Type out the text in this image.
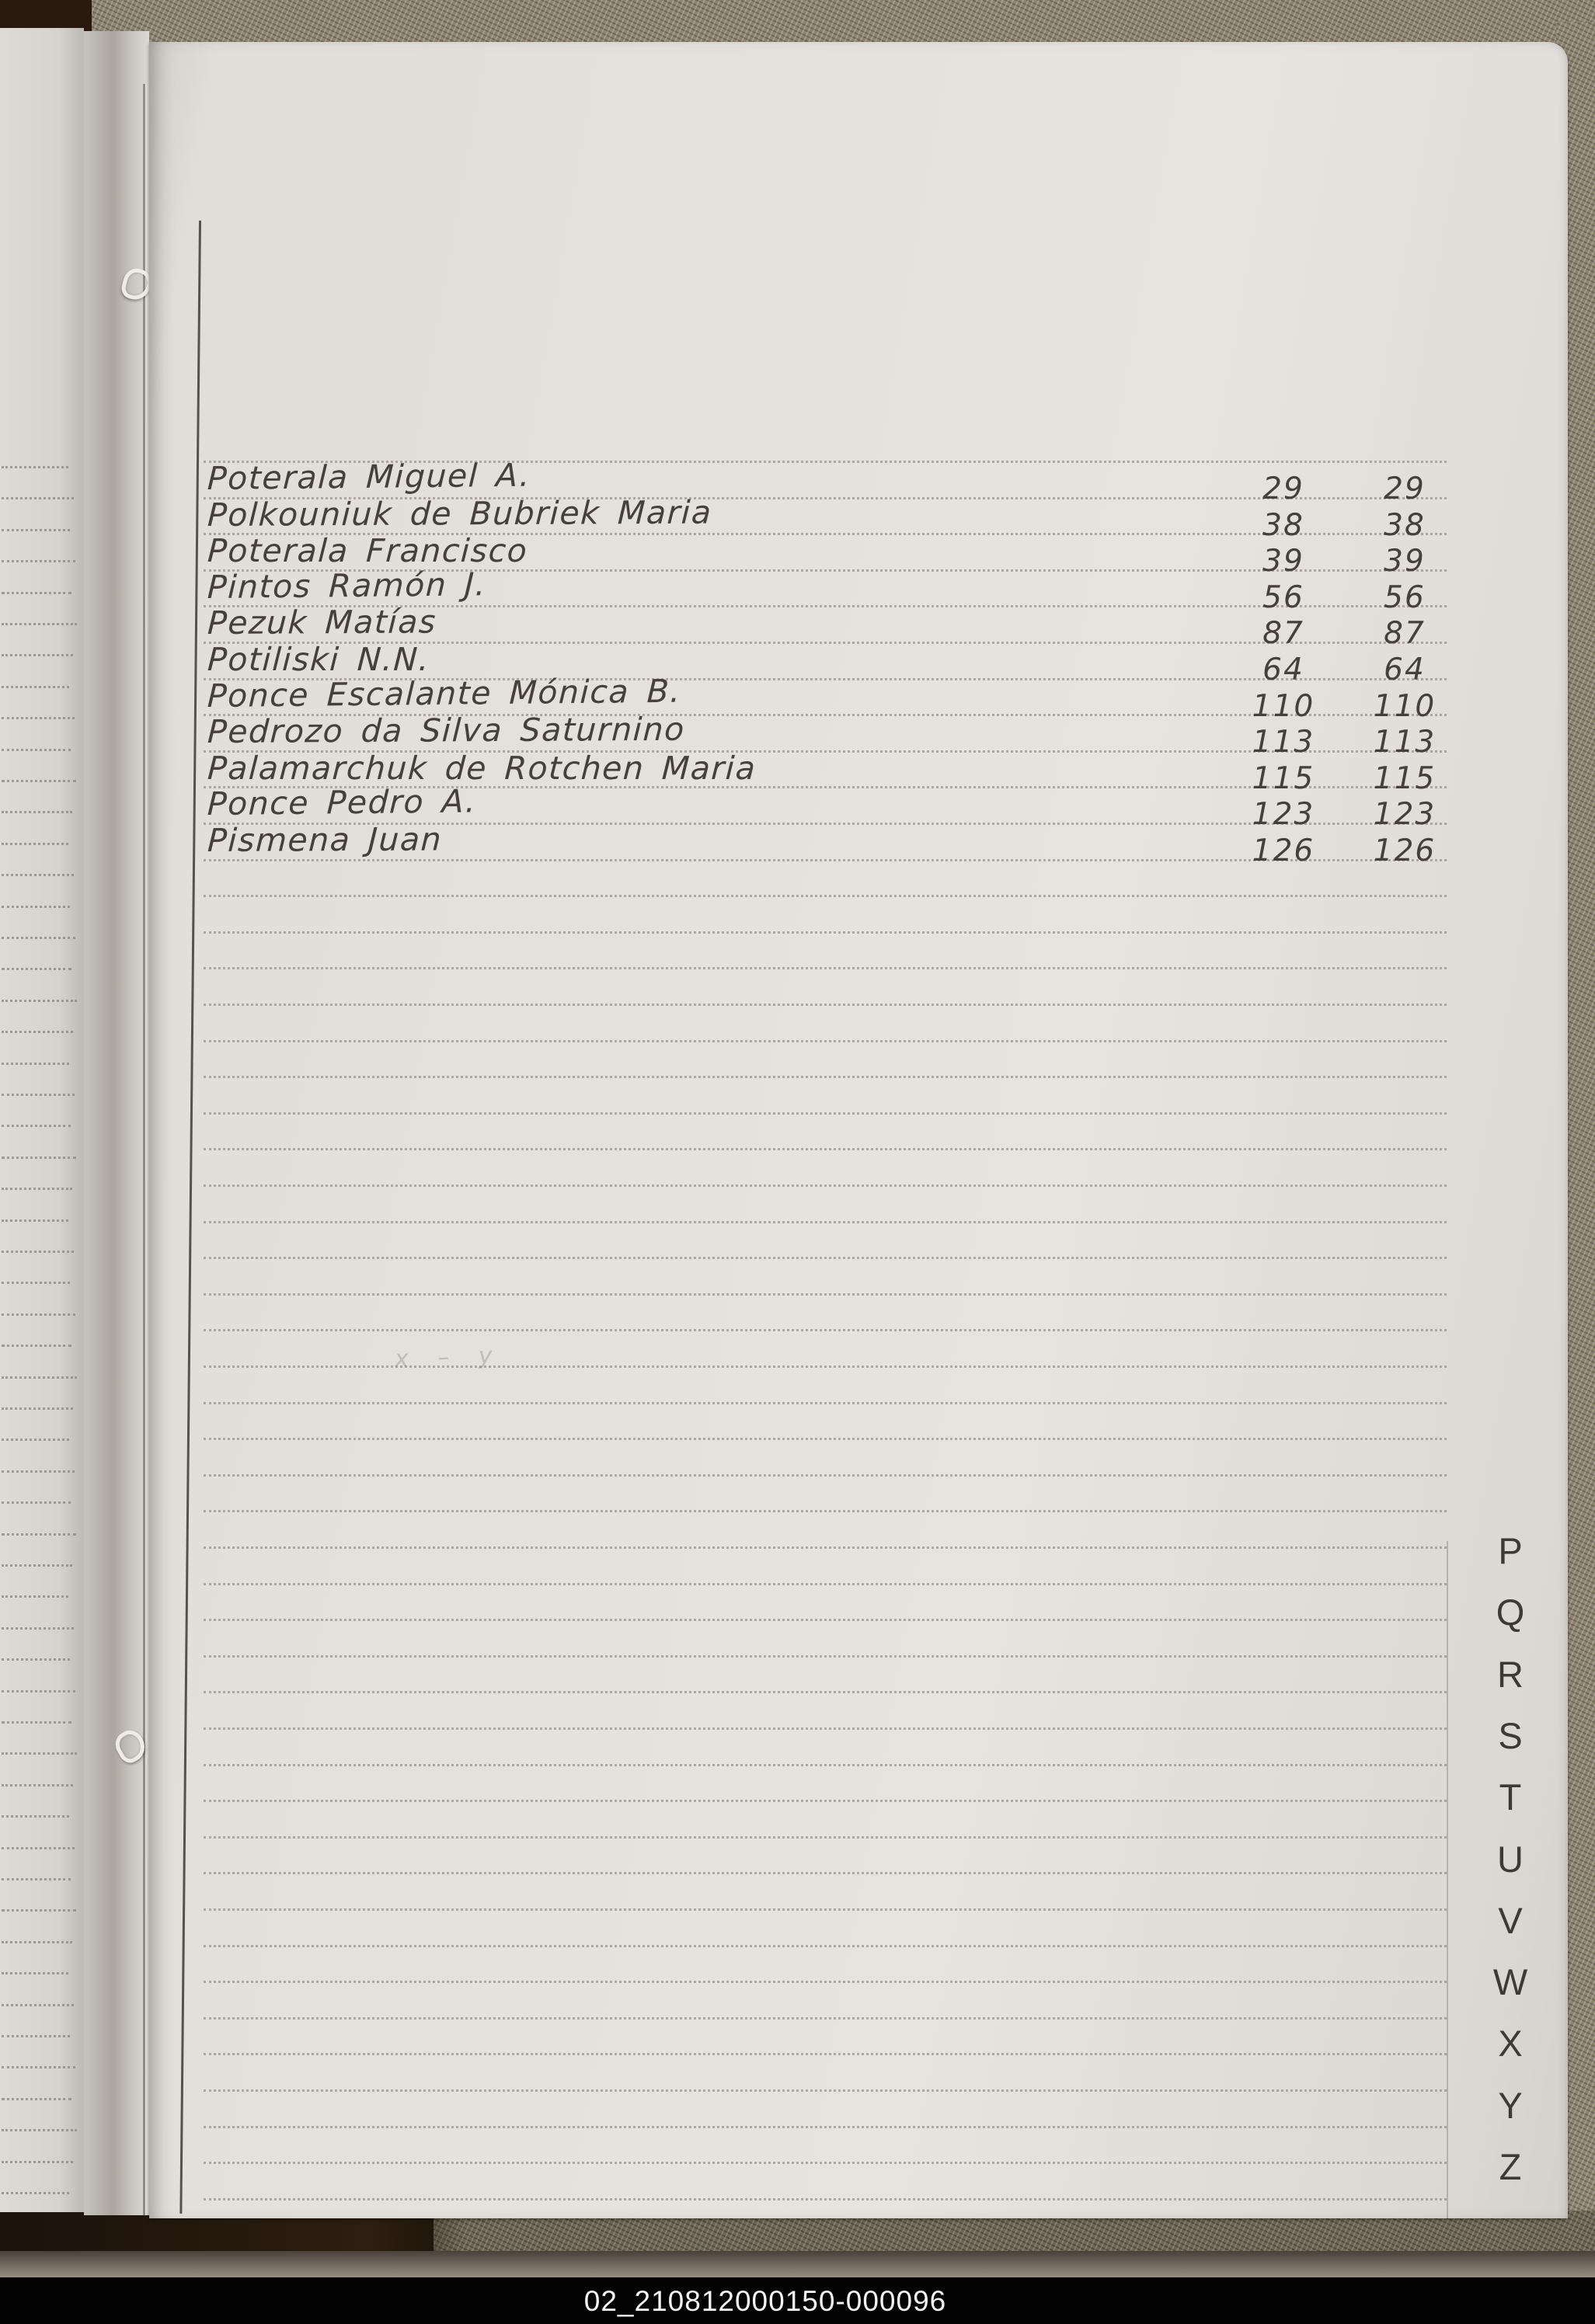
Poterala Miguel A.	29	29
Polkouniuk de Bubriek Maria	38	38
Poterala Francisco	39	39
Pintos Ramón J.	56	56
Pezuk Matías	87	87
Potiliski N.N.	64	64
Ponce Escalante Mónica B.	110	110
Pedrozo da Silva Saturnino	113	113
Palamarchuk de Rotchen Maria	115	115
Ponce Pedro A.	123	123
Pismena Juan	126	126
x – y
P
Q
R
S
T
U
V
W
X
Y
Z
02_210812000150-000096
